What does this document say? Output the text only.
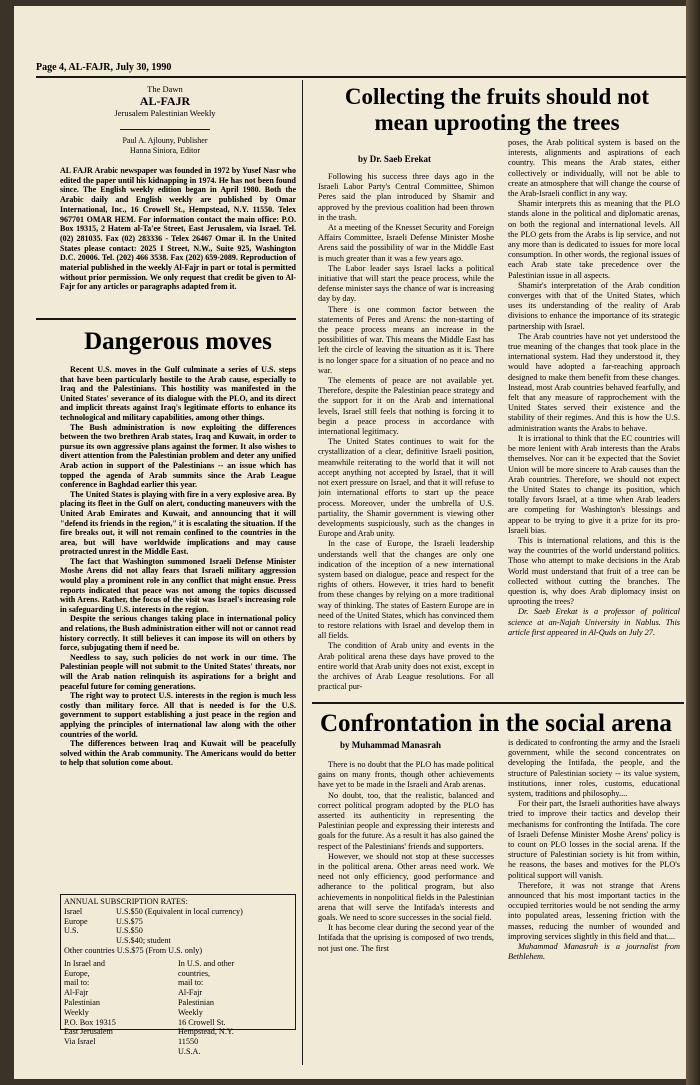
Page 4, AL-FAJR, July 30, 1990
The Dawn
AL-FAJR
Jerusalem Palestinian Weekly
Paul A. Ajlouny, Publisher
Hanna Siniora, Editor
AL FAJR Arabic newspaper was founded in 1972 by Yusef Nasr who edited the paper until his kidnapping in 1974. He has not been found since. The English weekly edition began in April 1980. Both the Arabic daily and English weekly are published by Omar International, Inc., 16 Crowell St., Hempstead, N.Y. 11550. Telex 967701 OMAR HEM. For information contact the main office: P.O. Box 19315, 2 Hatem al-Ta'ee Street, East Jerusalem, via Israel. Tel. (02) 281035. Fax (02) 283336 - Telex 26467 Omar il. In the United States please contact: 2025 I Street, N.W., Suite 925, Washington D.C. 20006. Tel. (202) 466 3538. Fax (202) 659-2089. Reproduction of material published in the weekly Al-Fajr in part or total is permitted without prior permission. We only request that credit be given to Al-Fajr for any articles or paragraphs adapted from it.
Dangerous moves

Recent U.S. moves in the Gulf culminate a series of U.S. steps that have been particularly hostile to the Arab cause, especially to Iraq and the Palestinians. This hostility was manifested in the United States' severance of its dialogue with the PLO, and its direct and implicit threats against Iraq's legitimate efforts to enhance its technological and military capabilities, among other things.

The Bush administration is now exploiting the differences between the two brethren Arab states, Iraq and Kuwait, in order to pursue its own aggressive plans against the former. It also wishes to divert attention from the Palestinian problem and deter any unified Arab action in support of the Palestinians -- an issue which has topped the agenda of Arab summits since the Arab League conference in Baghdad earlier this year.

The United States is playing with fire in a very explosive area. By placing its fleet in the Gulf on alert, conducting maneuvers with the United Arab Emirates and Kuwait, and announcing that it will "defend its friends in the region," it is escalating the situation. If the fire breaks out, it will not remain confined to the countries in the area, but will have worldwide implications and may cause protracted unrest in the Middle East.

The fact that Washington summoned Israeli Defense Minister Moshe Arens did not allay fears that Israeli military aggression would play a prominent role in any conflict that might ensue. Press reports indicated that peace was not among the topics discussed with Arens. Rather, the focus of the visit was Israel's increasing role in safeguarding U.S. interests in the region.

Despite the serious changes taking place in international policy and relations, the Bush administration either will not or cannot read history correctly. It still believes it can impose its will on others by force, subjugating them if need be.

Needless to say, such policies do not work in our time. The Palestinian people will not submit to the United States' threats, nor will the Arab nation relinquish its aspirations for a bright and peaceful future for coming generations.

The right way to protect U.S. interests in the region is much less costly than military force. All that is needed is for the U.S. government to support establishing a just peace in the region and applying the principles of international law along with the other countries of the world.

The differences between Iraq and Kuwait will be peacefully solved within the Arab community. The Americans would do better to help that solution come about.

ANNUAL SUBSCRIPTION RATES:
Israel	U.S.$50 (Equivalent in local currency)
Europe	U.S.$75
U.S.	U.S.$50
U.S.$40; student
Other countries U.S.$75 (From U.S. only)
In Israel and Europe,
mail to:
Al-Fajr Palestinian Weekly
P.O. Box 19315
East Jerusalem
Via Israel
In U.S. and other countries,
mail to:
Al-Fajr Palestinian Weekly
16 Crowell St.
Hempstead, N.Y. 11550
U.S.A.
Collecting the fruits should not mean uprooting the trees
by Dr. Saeb Erekat

Following his success three days ago in the Israeli Labor Party's Central Committee, Shimon Peres said the plan introduced by Shamir and approved by the previous coalition had been thrown in the trash.

At a meeting of the Knesset Security and Foreign Affairs Committee, Israeli Defense Minister Moshe Arens said the possibility of war in the Middle East is much greater than it was a few years ago.

The Labor leader says Israel lacks a political initiative that will start the peace process, while the defense minister says the chance of war is increasing day by day.

There is one common factor between the statements of Peres and Arens: the non-starting of the peace process means an increase in the possibilities of war. This means the Middle East has left the circle of leaving the situation as it is. There is no longer space for a situation of no peace and no war.

The elements of peace are not available yet. Therefore, despite the Palestinian peace strategy and the support for it on the Arab and international levels, Israel still feels that nothing is forcing it to begin a peace process in accordance with international legitimacy.

The United States continues to wait for the crystallization of a clear, definitive Israeli position, meanwhile reiterating to the world that it will not accept anything not accepted by Israel, that it will not exert pressure on Israel, and that it will refuse to join international efforts to start up the peace process. Moreover, under the umbrella of U.S. partiality, the Shamir government is viewing other developments suspiciously, such as the changes in Europe and Arab unity.

In the case of Europe, the Israeli leadership understands well that the changes are only one indication of the inception of a new international system based on dialogue, peace and respect for the rights of others. However, it tries hard to benefit from these changes by relying on a more traditional way of thinking. The states of Eastern Europe are in need of the United States, which has convinced them to restore relations with Israel and develop them in all fields.

The condition of Arab unity and events in the Arab political arena these days have proved to the entire world that Arab unity does not exist, except in the archives of Arab League resolutions. For all practical pur-

poses, the Arab political system is based on the interests, alignments and aspirations of each country. This means the Arab states, either collectively or individually, will not be able to create an atmosphere that will change the course of the Arab-Israeli conflict in any way.

Shamir interprets this as meaning that the PLO stands alone in the political and diplomatic arenas, on both the regional and international levels. All the PLO gets from the Arabs is lip service, and not any more than is dedicated to issues for more local consumption. In other words, the regional issues of each Arab state take precedence over the Palestinian issue in all aspects.

Shamir's interpretation of the Arab condition converges with that of the United States, which uses its understanding of the reality of Arab divisions to enhance the importance of its strategic partnership with Israel.

The Arab countries have not yet understood the true meaning of the changes that took place in the international system. Had they understood it, they would have adopted a far-reaching approach designed to make them benefit from these changes. Instead, most Arab countries behaved fearfully, and felt that any measure of rapprochement with the United States served their existence and the stability of their regimes. And this is how the U.S. administration wants the Arabs to behave.

It is irrational to think that the EC countries will be more lenient with Arab interests than the Arabs themselves. Nor can it be expected that the Soviet Union will be more sincere to Arab causes than the Arab countries. Therefore, we should not expect the United States to change its position, which totally favors Israel, at a time when Arab leaders are competing for Washington's blessings and appear to be trying to give it a prize for its pro-Israeli bias.

This is international relations, and this is the way the countries of the world understand politics. Those who attempt to make decisions in the Arab World must understand that fruit of a tree can be collected without cutting the branches. The question is, why does Arab diplomacy insist on uprooting the trees?

Dr. Saeb Erekat is a professor of political science at an-Najah University in Nablus. This article first appeared in Al-Quds on July 27.

Confrontation in the social arena
by Muhammad Manasrah

There is no doubt that the PLO has made political gains on many fronts, though other achievements have yet to be made in the Israeli and Arab arenas.

No doubt, too, that the realistic, balanced and correct political program adopted by the PLO has asserted its authenticity in representing the Palestinian people and expressing their interests and goals for the future. As a result it has also gained the respect of the Palestinians' friends and supporters.

However, we should not stop at these successes in the political arena. Other areas need work. We need not only efficiency, good performance and adherance to the political program, but also achievements in nonpolitical fields in the Palestinian arena that will serve the Intifada's interests and goals. We need to score successes in the social field.

It has become clear during the second year of the Intifada that the uprising is composed of two trends, not just one. The first

is dedicated to confronting the army and the Israeli government, while the second concentrates on developing the Intifada, the people, and the structure of Palestinian society -- its value system, institutions, inner roles, customs, educational system, traditions and philosophy....

For their part, the Israeli authorities have always tried to improve their tactics and develop their mechanisms for confronting the Intifada. The core of Israeli Defense Minister Moshe Arens' policy is to count on PLO losses in the social arena. If the structure of Palestinian society is hit from within, he reasons, the bases and motives for the PLO's political support will vanish.

Therefore, it was not strange that Arens announced that his most important tactics in the occupied territories would be not sending the army into populated areas, lessening friction with the masses, reducing the number of wounded and improving services slightly in this field and that....

Muhammad Manasrah is a journalist from Bethlehem.
